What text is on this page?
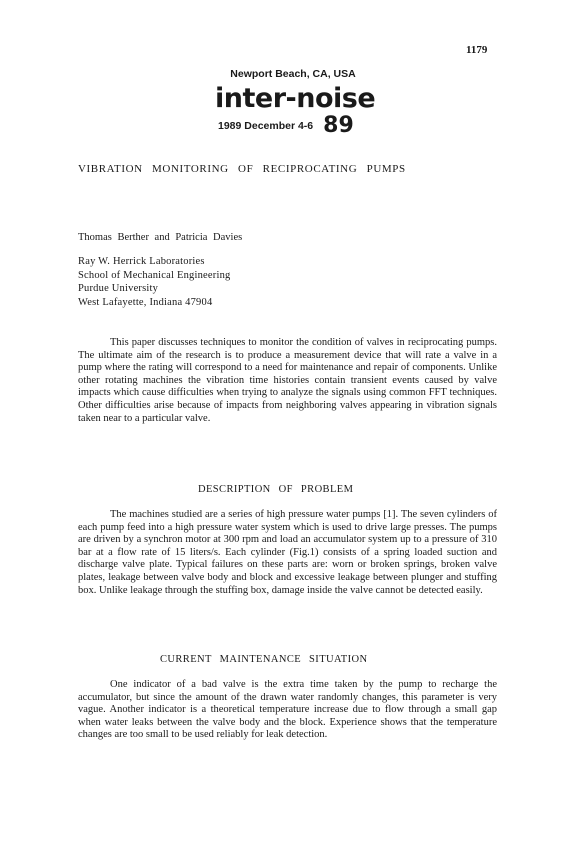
1179
Newport Beach, CA, USA
inter-noise
1989 December 4-6 89
VIBRATION MONITORING OF RECIPROCATING PUMPS
Thomas Berther and Patricia Davies
Ray W. Herrick Laboratories
School of Mechanical Engineering
Purdue University
West Lafayette, Indiana 47904

This paper discusses techniques to monitor the condition of valves in reciprocating pumps. The ultimate aim of the research is to produce a measurement device that will rate a valve in a pump where the rating will correspond to a need for maintenance and repair of components. Unlike other rotating machines the vibration time histories contain transient events caused by valve impacts which cause difficulties when trying to analyze the signals using common FFT techniques. Other difficulties arise because of impacts from neighboring valves appearing in vibration signals taken near to a particular valve.

DESCRIPTION OF PROBLEM

The machines studied are a series of high pressure water pumps [1]. The seven cylinders of each pump feed into a high pressure water system which is used to drive large presses. The pumps are driven by a synchron motor at 300 rpm and load an accumulator system up to a pressure of 310 bar at a flow rate of 15 liters/s. Each cylinder (Fig.1) consists of a spring loaded suction and discharge valve plate. Typical failures on these parts are: worn or broken springs, broken valve plates, leakage between valve body and block and excessive leakage between plunger and stuffing box. Unlike leakage through the stuffing box, damage inside the valve cannot be detected easily.

CURRENT MAINTENANCE SITUATION

One indicator of a bad valve is the extra time taken by the pump to recharge the accumulator, but since the amount of the drawn water randomly changes, this parameter is very vague. Another indicator is a theoretical temperature increase due to flow through a small gap when water leaks between the valve body and the block. Experience shows that the temperature changes are too small to be used reliably for leak detection.
